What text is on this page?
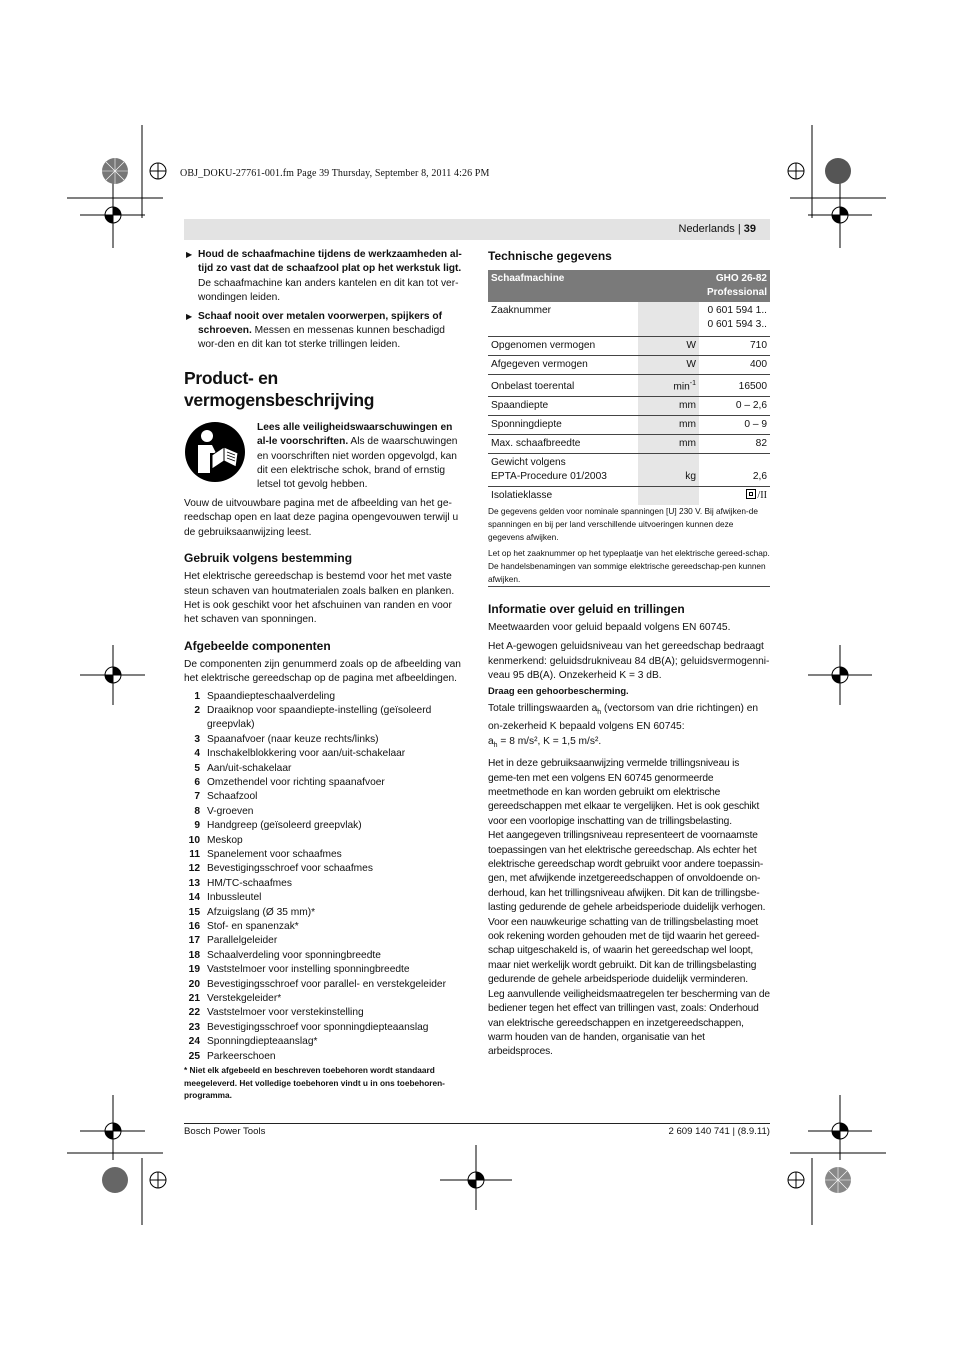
OBJ_DOKU-27761-001.fm Page 39 Thursday, September 8, 2011 4:26 PM
Nederlands | 39

▶ Houd de schaafmachine tijdens de werkzaamheden al-tijd zo vast dat de schaafzool plat op het werkstuk ligt. De schaafmachine kan anders kantelen en dit kan tot ver-wondingen leiden.

▶ Schaaf nooit over metalen voorwerpen, spijkers of schroeven. Messen en messenas kunnen beschadigd wor-den en dit kan tot sterke trillingen leiden.

Product- en vermogensbeschrijving
Lees alle veiligheidswaarschuwingen en al-le voorschriften. Als de waarschuwingen en voorschriften niet worden opgevolgd, kan dit een elektrische schok, brand of ernstig letsel tot gevolg hebben.

Vouw de uitvouwbare pagina met de afbeelding van het ge-reedschap open en laat deze pagina opengevouwen terwijl u de gebruiksaanwijzing leest.

Gebruik volgens bestemming

Het elektrische gereedschap is bestemd voor het met vaste steun schaven van houtmaterialen zoals balken en planken. Het is ook geschikt voor het afschuinen van randen en voor het schaven van sponningen.

Afgebeelde componenten

De componenten zijn genummerd zoals op de afbeelding van het elektrische gereedschap op de pagina met afbeeldingen.

1 Spaandiepteschaalverdeling
2 Draaiknop voor spaandiepte-instelling (geïsoleerd greepvlak)
3 Spaanafvoer (naar keuze rechts/links)
4 Inschakelblokkering voor aan/uit-schakelaar
5 Aan/uit-schakelaar
6 Omzethendel voor richting spaanafvoer
7 Schaafzool
8 V-groeven
9 Handgreep (geïsoleerd greepvlak)
10 Meskop
11 Spanelement voor schaafmes
12 Bevestigingsschroef voor schaafmes
13 HM/TC-schaafmes
14 Inbussleutel
15 Afzuigslang (Ø 35 mm)*
16 Stof- en spanenzak*
17 Parallelgeleider
18 Schaalverdeling voor sponningbreedte
19 Vaststelmoer voor instelling sponningbreedte
20 Bevestigingsschroef voor parallel- en verstekgeleider
21 Verstekgeleider*
22 Vaststelmoer voor verstekinstelling
23 Bevestigingsschroef voor sponningdiepteaanslag
24 Sponningdiepteaanslag*
25 Parkeerschoen

* Niet elk afgebeeld en beschreven toebehoren wordt standaard meegeleverd. Het volledige toebehoren vindt u in ons toebehoren-programma.

Technische gegevens
Schaafmachine		GHO 26-82
Professional
Zaaknummer		0 601 594 1..
0 601 594 3..
Opgenomen vermogen	W	710
Afgegeven vermogen	W	400
Onbelast toerental	$\min^{-1}$	16500
Spaandiepte	mm	0 – 2,6
Sponningdiepte	mm	0 – 9
Max. schaafbreedte	mm	82
Gewicht volgens
EPTA-Procedure 01/2003	kg	2,6
Isolatieklasse		/II

De gegevens gelden voor nominale spanningen [U] 230 V. Bij afwijken-de spanningen en bij per land verschillende uitvoeringen kunnen deze gegevens afwijken.

Let op het zaaknummer op het typeplaatje van het elektrische gereed-schap. De handelsbenamingen van sommige elektrische gereedschap-pen kunnen afwijken.

Informatie over geluid en trillingen

Meetwaarden voor geluid bepaald volgens EN 60745.

Het A-gewogen geluidsniveau van het gereedschap bedraagt kenmerkend: geluidsdrukniveau 84 dB(A); geluidsvermogenni-veau 95 dB(A). Onzekerheid K = 3 dB.

Draag een gehoorbescherming.

Totale trillingswaarden $a_h$ (vectorsom van drie richtingen) en on-zekerheid K bepaald volgens EN 60745:

$a_h = 8$ m/s², K = 1,5 m/s².

Het in deze gebruiksaanwijzing vermelde trillingsniveau is geme-ten met een volgens EN 60745 genormeerde meetmethode en kan worden gebruikt om elektrische gereedschappen met elkaar te vergelijken. Het is ook geschikt voor een voorlopige inschatting van de trillingsbelasting.

Het aangegeven trillingsniveau representeert de voornaamste toepassingen van het elektrische gereedschap. Als echter het elektrische gereedschap wordt gebruikt voor andere toepassin-gen, met afwijkende inzetgereedschappen of onvoldoende on-derhoud, kan het trillingsniveau afwijken. Dit kan de trillingsbe-lasting gedurende de gehele arbeidsperiode duidelijk verhogen. Voor een nauwkeurige schatting van de trillingsbelasting moet ook rekening worden gehouden met de tijd waarin het gereed-schap uitgeschakeld is, of waarin het gereedschap wel loopt, maar niet werkelijk wordt gebruikt. Dit kan de trillingsbelasting gedurende de gehele arbeidsperiode duidelijk verminderen.

Leg aanvullende veiligheidsmaatregelen ter bescherming van de bediener tegen het effect van trillingen vast, zoals: Onderhoud van elektrische gereedschappen en inzetgereedschappen, warm houden van de handen, organisatie van het arbeidsproces.

Bosch Power Tools	2 609 140 741 | (8.9.11)
